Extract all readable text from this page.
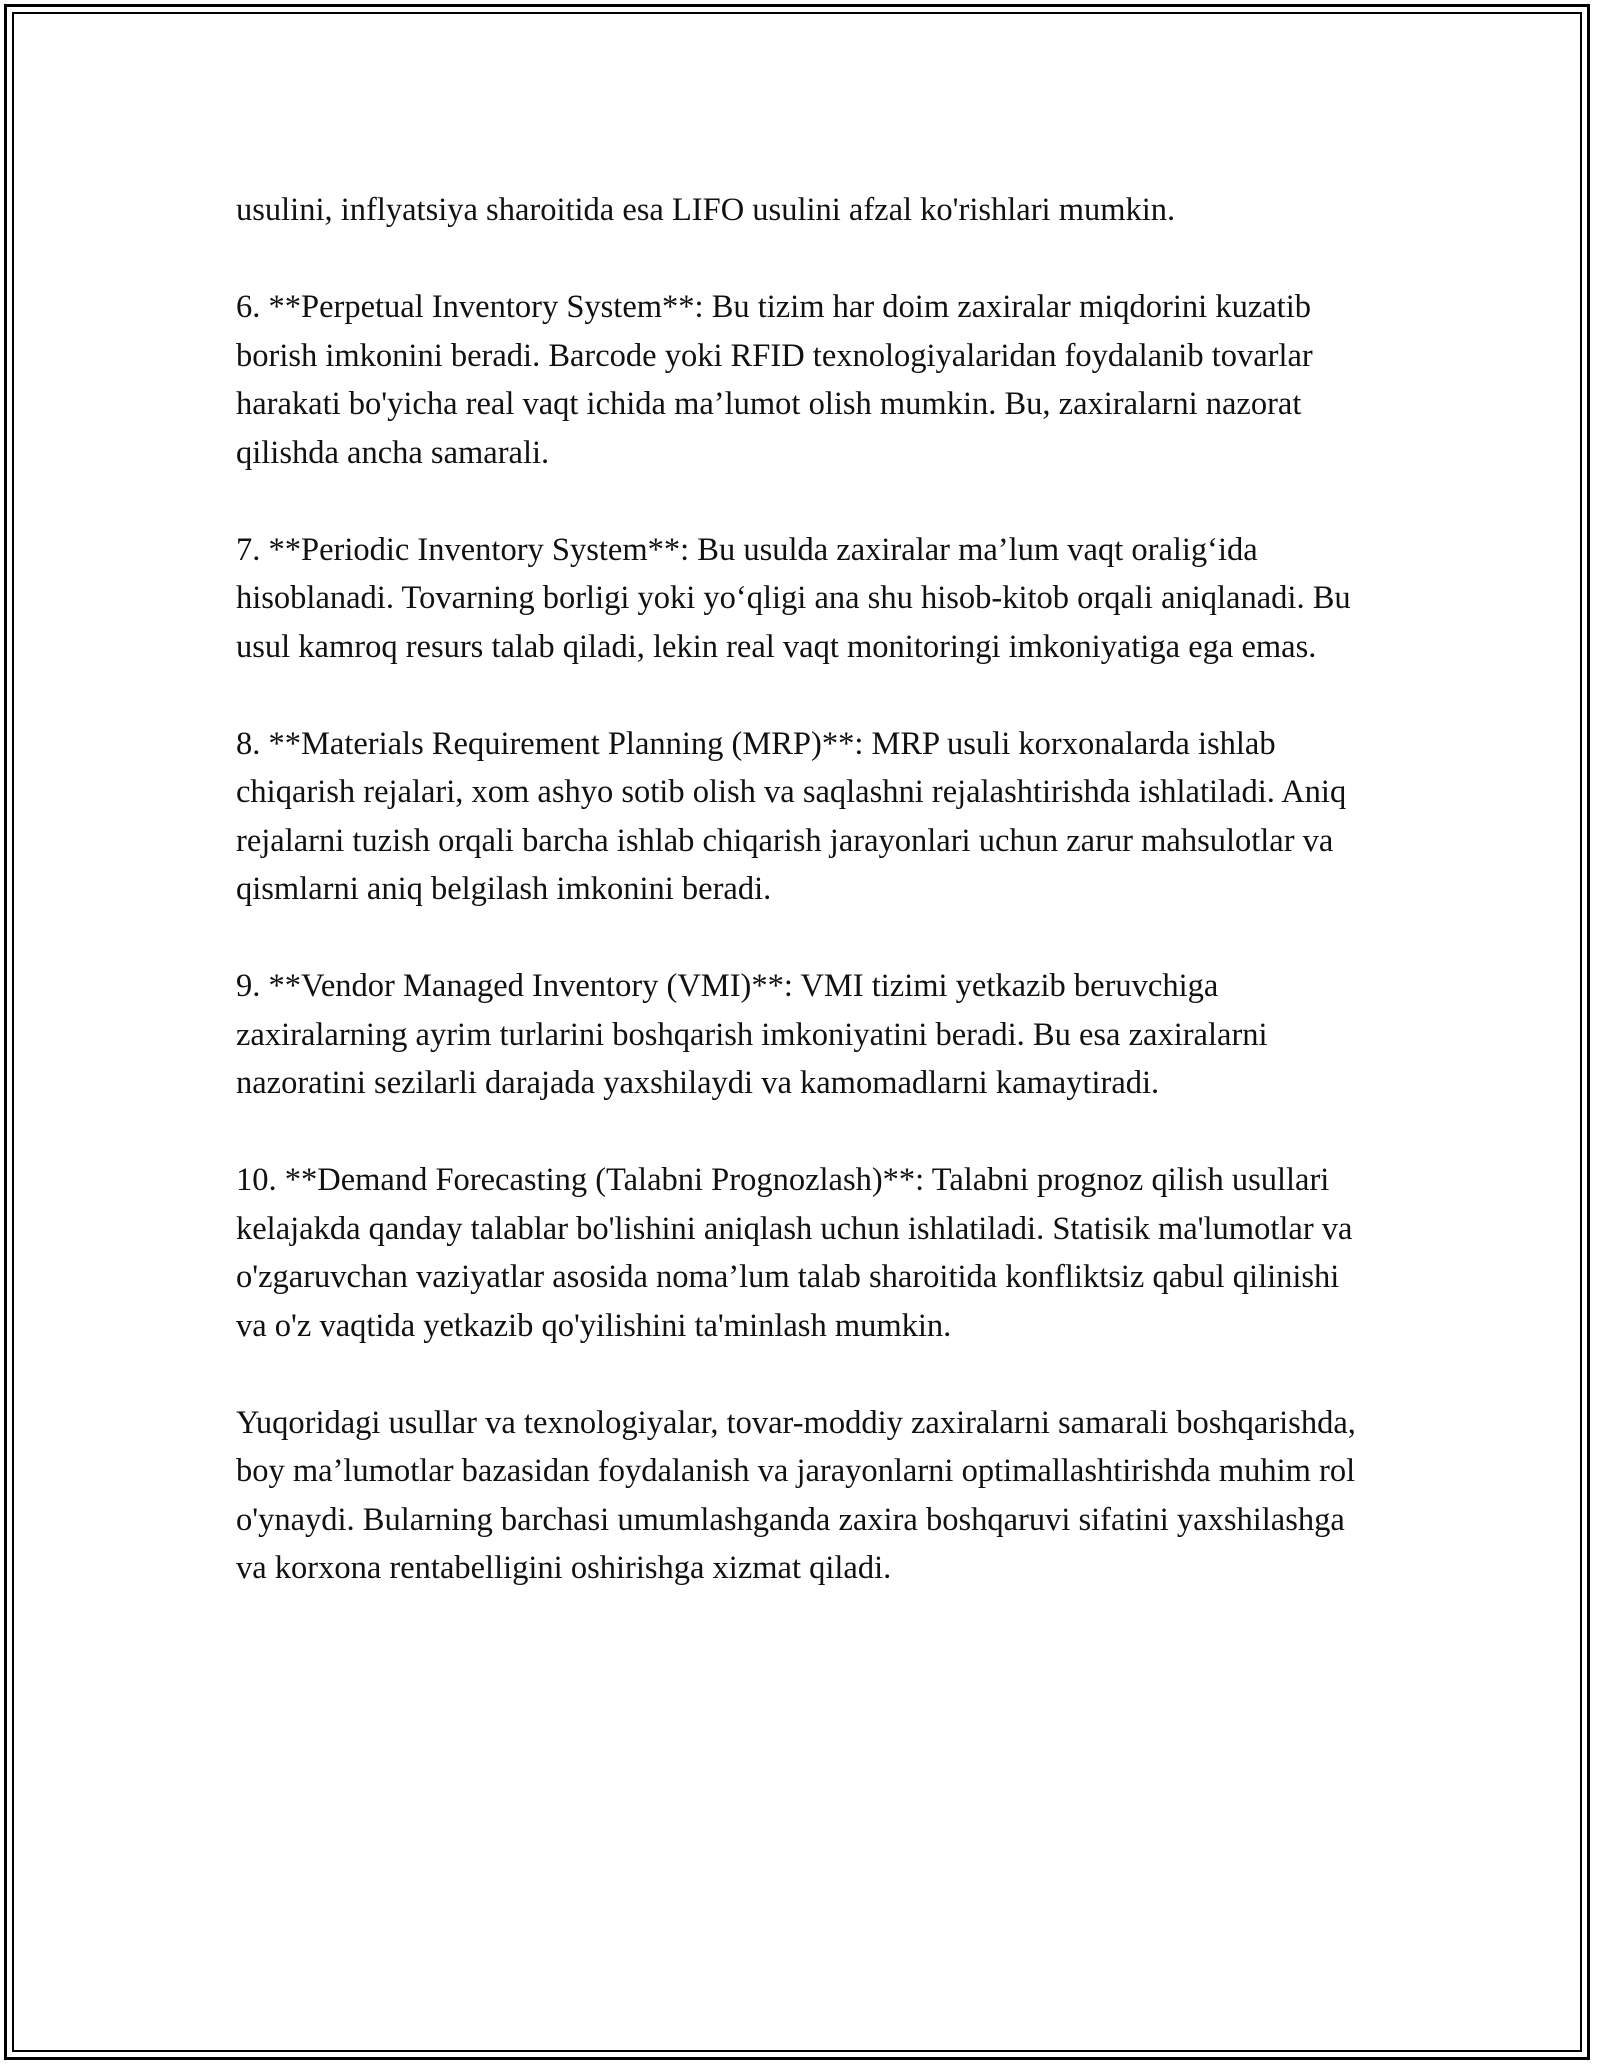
usulini, inflyatsiya sharoitida esa LIFO usulini afzal ko'rishlari mumkin.

6. **Perpetual Inventory System**: Bu tizim har doim zaxiralar miqdorini kuzatib borish imkonini beradi. Barcode yoki RFID texnologiyalaridan foydalanib tovarlar harakati bo'yicha real vaqt ichida ma’lumot olish mumkin. Bu, zaxiralarni nazorat qilishda ancha samarali.

7. **Periodic Inventory System**: Bu usulda zaxiralar ma’lum vaqt oralig‘ida hisoblanadi. Tovarning borligi yoki yo‘qligi ana shu hisob-kitob orqali aniqlanadi. Bu usul kamroq resurs talab qiladi, lekin real vaqt monitoringi imkoniyatiga ega emas.

8. **Materials Requirement Planning (MRP)**: MRP usuli korxonalarda ishlab chiqarish rejalari, xom ashyo sotib olish va saqlashni rejalashtirishda ishlatiladi. Aniq rejalarni tuzish orqali barcha ishlab chiqarish jarayonlari uchun zarur mahsulotlar va qismlarni aniq belgilash imkonini beradi.

9. **Vendor Managed Inventory (VMI)**: VMI tizimi yetkazib beruvchiga zaxiralarning ayrim turlarini boshqarish imkoniyatini beradi. Bu esa zaxiralarni nazoratini sezilarli darajada yaxshilaydi va kamomadlarni kamaytiradi.

10. **Demand Forecasting (Talabni Prognozlash)**: Talabni prognoz qilish usullari kelajakda qanday talablar bo'lishini aniqlash uchun ishlatiladi. Statisik ma'lumotlar va o'zgaruvchan vaziyatlar asosida noma’lum talab sharoitida konfliktsiz qabul qilinishi va o'z vaqtida yetkazib qo'yilishini ta'minlash mumkin.

Yuqoridagi usullar va texnologiyalar, tovar-moddiy zaxiralarni samarali boshqarishda, boy ma’lumotlar bazasidan foydalanish va jarayonlarni optimallashtirishda muhim rol o'ynaydi. Bularning barchasi umumlashganda zaxira boshqaruvi sifatini yaxshilashga va korxona rentabelligini oshirishga xizmat qiladi.
